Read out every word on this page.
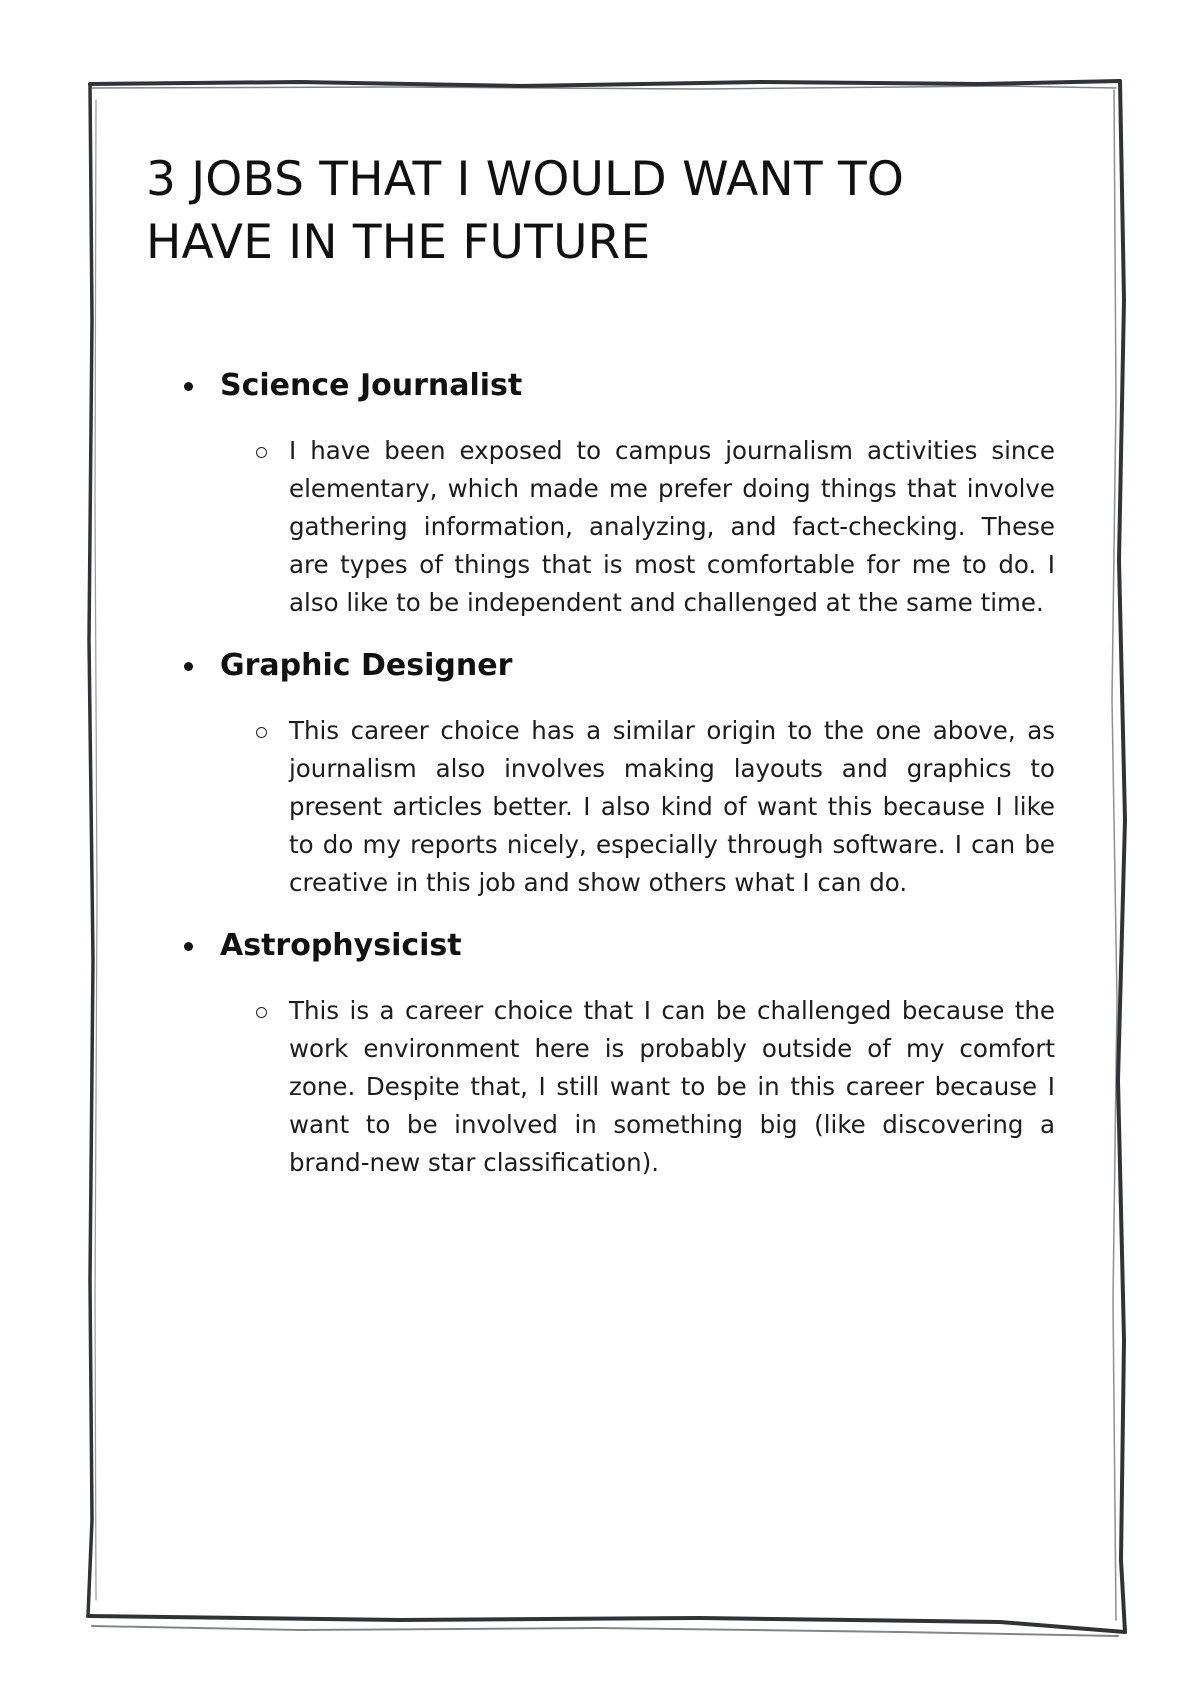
3 JOBS THAT I WOULD WANT TO HAVE IN THE FUTURE
Science Journalist

I have been exposed to campus journalism activities since elementary, which made me prefer doing things that involve gathering information, analyzing, and fact-checking. These are types of things that is most comfortable for me to do. I also like to be independent and challenged at the same time.

Graphic Designer

This career choice has a similar origin to the one above, as journalism also involves making layouts and graphics to present articles better. I also kind of want this because I like to do my reports nicely, especially through software. I can be creative in this job and show others what I can do.

Astrophysicist

This is a career choice that I can be challenged because the work environment here is probably outside of my comfort zone. Despite that, I still want to be in this career because I want to be involved in something big (like discovering a brand-new star classification).
